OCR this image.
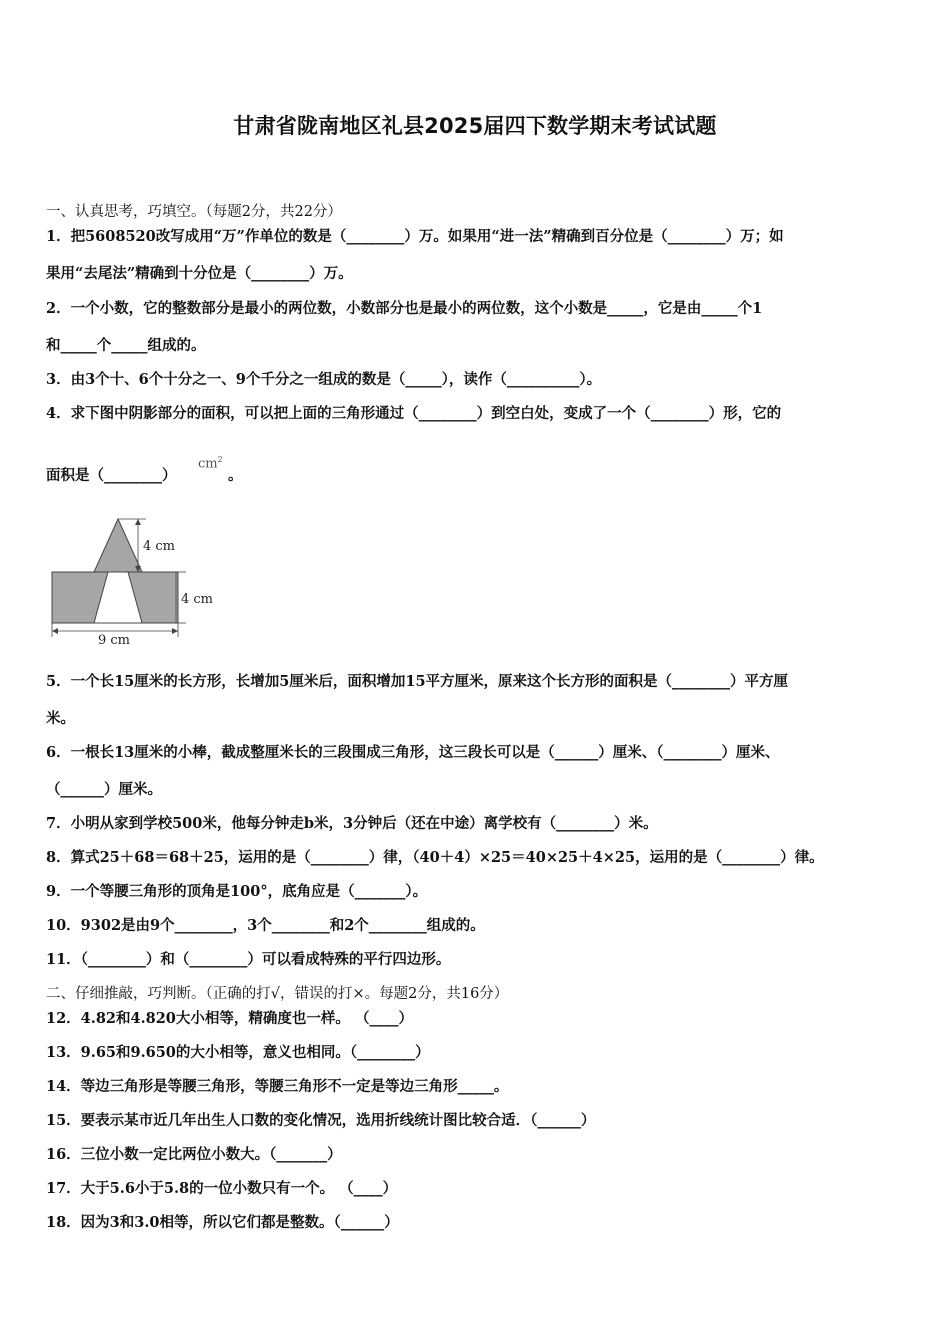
甘肃省陇南地区礼县2025届四下数学期末考试试题
一、认真思考，巧填空。（每题2分，共22分）
1．把5608520改写成用“万”作单位的数是（________）万。如果用“进一法”精确到百分位是（________）万；如
果用“去尾法”精确到十分位是（________）万。
2．一个小数，它的整数部分是最小的两位数，小数部分也是最小的两位数，这个小数是_____，它是由_____个1
和_____个_____组成的。
3．由3个十、6个十分之一、9个千分之一组成的数是（_____），读作（__________）。
4．求下图中阴影部分的面积，可以把上面的三角形通过（________）到空白处，变成了一个（________）形，它的
面积是（________）
$cm^2$
。
4 cm
4 cm
9 cm
5．一个长15厘米的长方形，长增加5厘米后，面积增加15平方厘米，原来这个长方形的面积是（________）平方厘
米。
6．一根长13厘米的小棒，截成整厘米长的三段围成三角形，这三段长可以是（______）厘米、（________）厘米、
（______）厘米。
7．小明从家到学校500米，他每分钟走b米，3分钟后（还在中途）离学校有（________）米。
8．算式25＋68＝68＋25，运用的是（________）律，（40＋4）×25＝40×25＋4×25，运用的是（________）律。
9．一个等腰三角形的顶角是100°，底角应是（_______）。
10．9302是由9个________，3个________和2个________组成的。
11．（________）和（________）可以看成特殊的平行四边形。
二、仔细推敲，巧判断。（正确的打√，错误的打×。每题2分，共16分）
12．4.82和4.820大小相等，精确度也一样。 （____）
13．9.65和9.650的大小相等，意义也相同。（________）
14．等边三角形是等腰三角形，等腰三角形不一定是等边三角形_____。
15．要表示某市近几年出生人口数的变化情况，选用折线统计图比较合适．（______）
16．三位小数一定比两位小数大。（_______）
17．大于5.6小于5.8的一位小数只有一个。 （____）
18．因为3和3.0相等，所以它们都是整数。（______）
